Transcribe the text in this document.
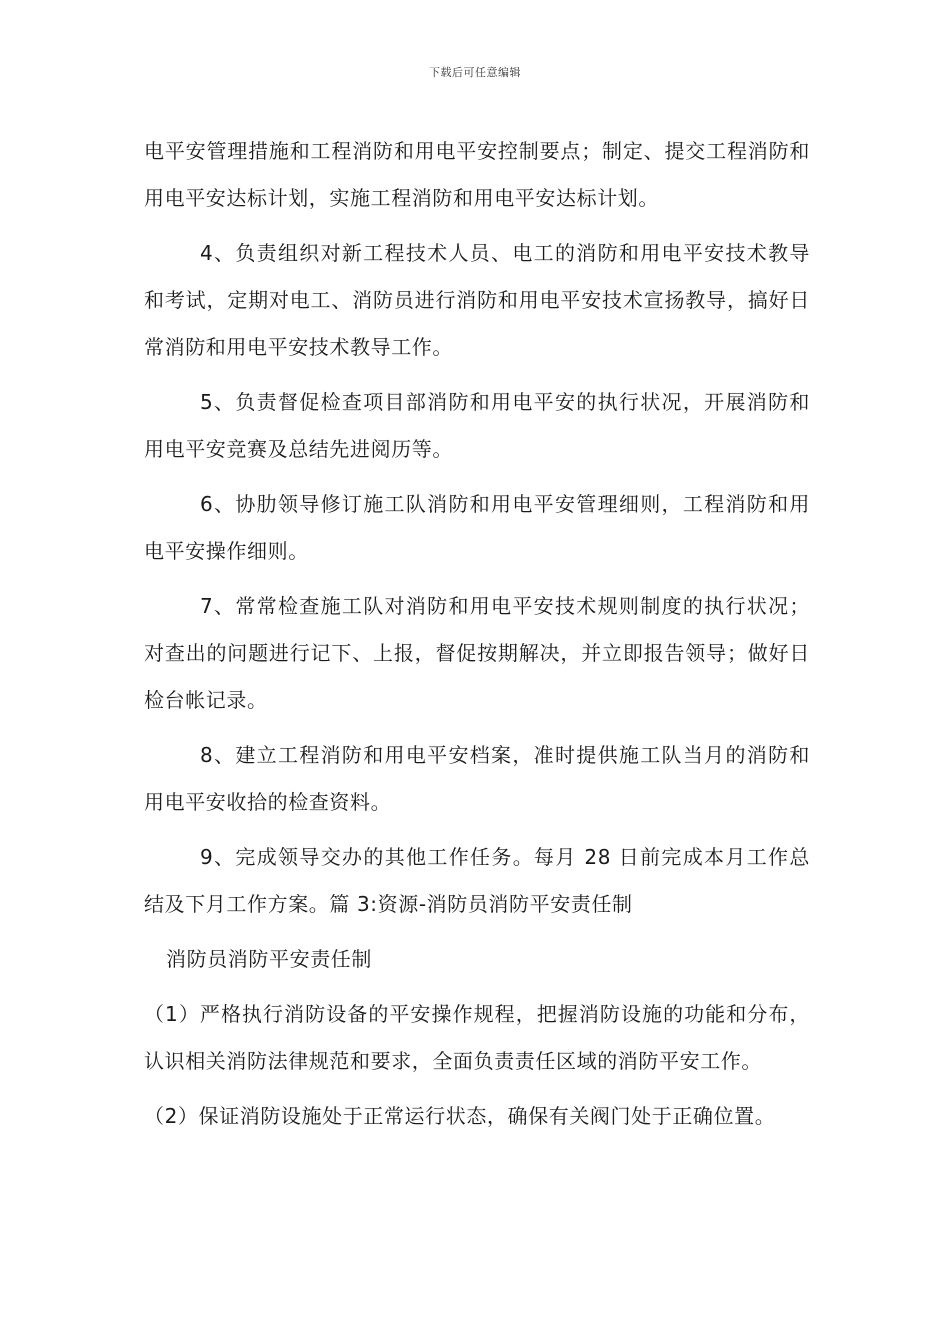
下载后可任意编辑

电平安管理措施和工程消防和用电平安控制要点；制定、提交工程消防和用电平安达标计划，实施工程消防和用电平安达标计划。

4、负责组织对新工程技术人员、电工的消防和用电平安技术教导和考试，定期对电工、消防员进行消防和用电平安技术宣扬教导，搞好日常消防和用电平安技术教导工作。

5、负责督促检查项目部消防和用电平安的执行状况，开展消防和用电平安竞赛及总结先进阅历等。

6、协肋领导修订施工队消防和用电平安管理细则，工程消防和用电平安操作细则。

7、常常检查施工队对消防和用电平安技术规则制度的执行状况；对查出的问题进行记下、上报，督促按期解决，并立即报告领导；做好日检台帐记录。

8、建立工程消防和用电平安档案，准时提供施工队当月的消防和用电平安收拾的检查资料。

9、完成领导交办的其他工作任务。每月 28 日前完成本月工作总结及下月工作方案。篇 3:资源-消防员消防平安责任制

消防员消防平安责任制

（1）严格执行消防设备的平安操作规程，把握消防设施的功能和分布，认识相关消防法律规范和要求，全面负责责任区域的消防平安工作。

（2）保证消防设施处于正常运行状态，确保有关阀门处于正确位置。
